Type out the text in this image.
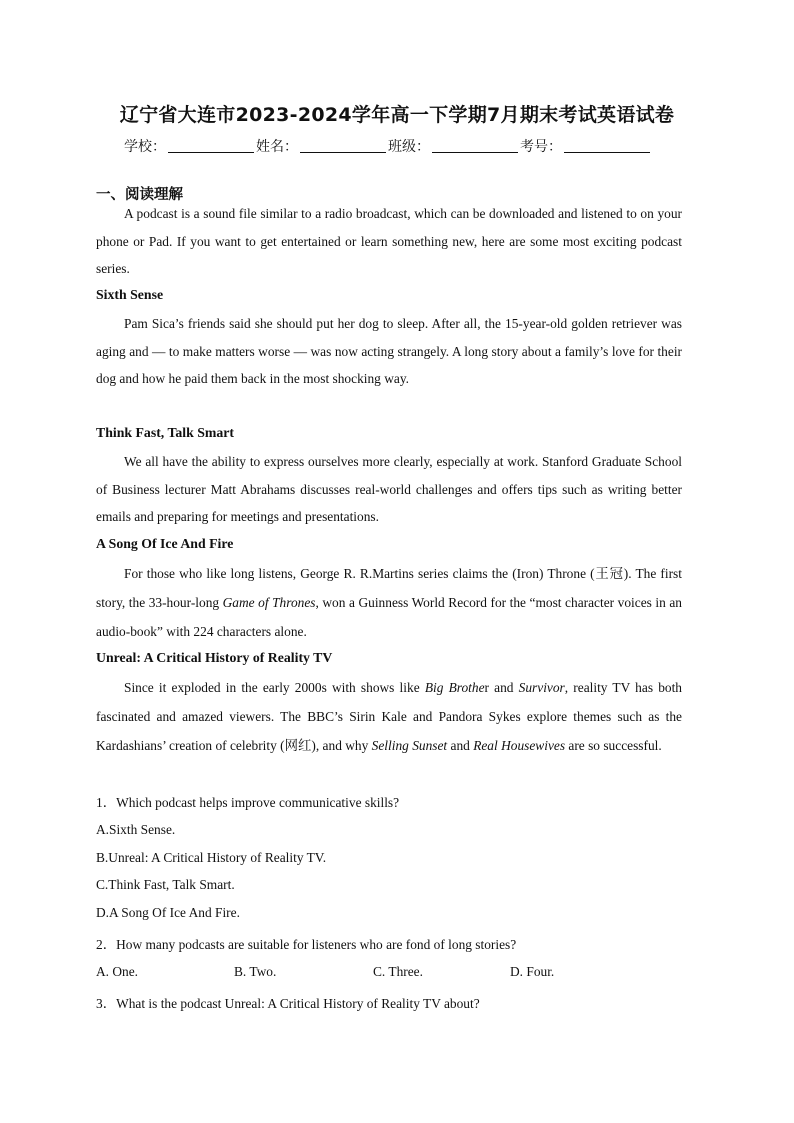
辽宁省大连市2023-2024学年高一下学期7月期末考试英语试卷
学校：	姓名：	班级：	考号：
一、阅读理解
A podcast is a sound file similar to a radio broadcast, which can be downloaded and listened to on your phone or Pad. If you want to get entertained or learn something new, here are some most exciting podcast series.
Sixth Sense
Pam Sica’s friends said she should put her dog to sleep. After all, the 15-year-old golden retriever was aging and — to make matters worse — was now acting strangely. A long story about a family’s love for their dog and how he paid them back in the most shocking way.
Think Fast, Talk Smart
We all have the ability to express ourselves more clearly, especially at work. Stanford Graduate School of Business lecturer Matt Abrahams discusses real-world challenges and offers tips such as writing better emails and preparing for meetings and presentations.
A Song Of Ice And Fire
For those who like long listens, George R. R.Martins series claims the (Iron) Throne (王冠). The first story, the 33-hour-long Game of Thrones, won a Guinness World Record for the “most character voices in an audio-book” with 224 characters alone.
Unreal: A Critical History of Reality TV
Since it exploded in the early 2000s with shows like Big Brother and Survivor, reality TV has both fascinated and amazed viewers. The BBC’s Sirin Kale and Pandora Sykes explore themes such as the Kardashians’ creation of celebrity (网红), and why Selling Sunset and Real Housewives are so successful.
1．Which podcast helps improve communicative skills?
A.Sixth Sense.
B.Unreal: A Critical History of Reality TV.
C.Think Fast, Talk Smart.
D.A Song Of Ice And Fire.
2．How many podcasts are suitable for listeners who are fond of long stories?
A. One.	B. Two.	C. Three.	D. Four.
3．What is the podcast Unreal: A Critical History of Reality TV about?
